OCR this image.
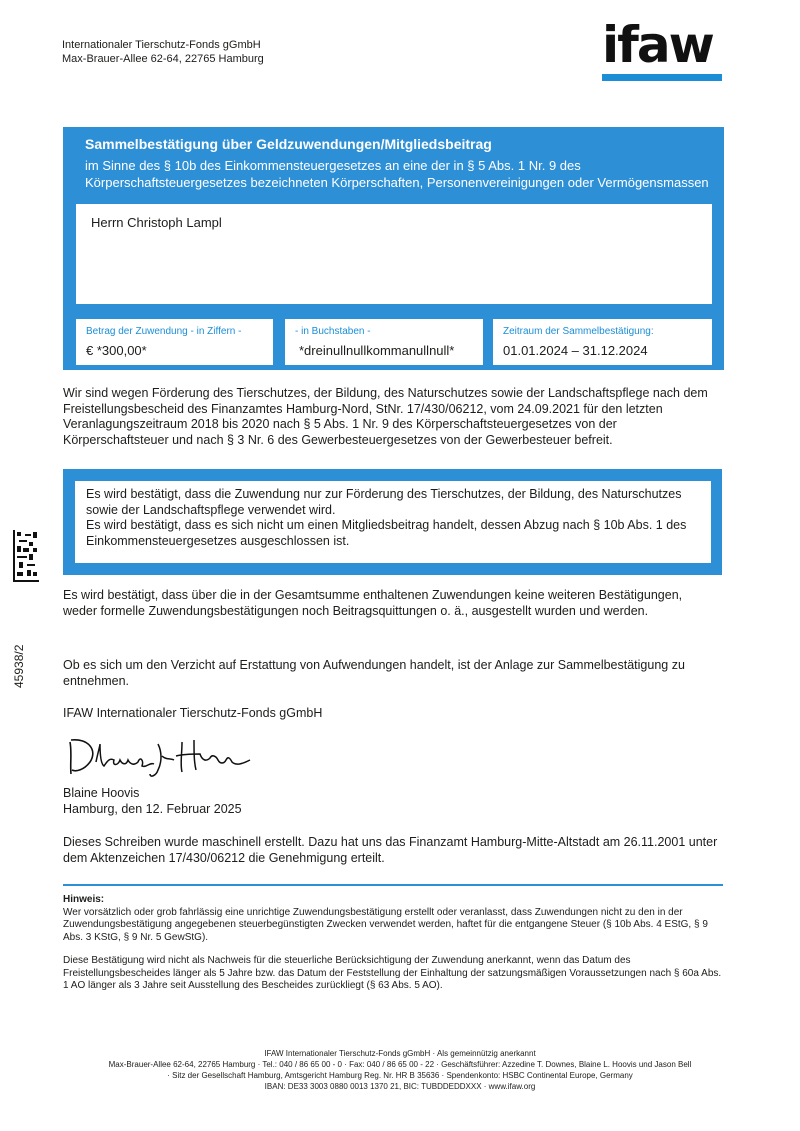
Internationaler Tierschutz-Fonds gGmbH
Max-Brauer-Allee 62-64, 22765 Hamburg	ifaw
Sammelbestätigung über Geldzuwendungen/Mitgliedsbeitrag
im Sinne des § 10b des Einkommensteuergesetzes an eine der in § 5 Abs. 1 Nr. 9 des Körperschaftsteuergesetzes bezeichneten Körperschaften, Personenvereinigungen oder Vermögensmassen
Herrn Christoph Lampl
Betrag der Zuwendung - in Ziffern -
€ *300,00*
- in Buchstaben -
*dreinullnullkommanullnull*
Zeitraum der Sammelbestätigung:
01.01.2024 – 31.12.2024
Wir sind wegen Förderung des Tierschutzes, der Bildung, des Naturschutzes sowie der Landschaftspflege nach dem Freistellungsbescheid des Finanzamtes Hamburg-Nord, StNr. 17/430/06212, vom 24.09.2021 für den letzten Veranlagungszeitraum 2018 bis 2020 nach § 5 Abs. 1 Nr. 9 des Körperschaftsteuergesetzes von der Körperschaftsteuer und nach § 3 Nr. 6 des Gewerbesteuergesetzes von der Gewerbesteuer befreit.

Es wird bestätigt, dass die Zuwendung nur zur Förderung des Tierschutzes, der Bildung, des Naturschutzes sowie der Landschaftspflege verwendet wird.

Es wird bestätigt, dass es sich nicht um einen Mitgliedsbeitrag handelt, dessen Abzug nach § 10b Abs. 1 des Einkommensteuergesetzes ausgeschlossen ist.

Es wird bestätigt, dass über die in der Gesamtsumme enthaltenen Zuwendungen keine weiteren Bestätigungen, weder formelle Zuwendungsbestätigungen noch Beitragsquittungen o. ä., ausgestellt wurden und werden.
Ob es sich um den Verzicht auf Erstattung von Aufwendungen handelt, ist der Anlage zur Sammelbestätigung zu entnehmen.
IFAW Internationaler Tierschutz-Fonds gGmbH
Blaine Hoovis
Hamburg, den 12. Februar 2025
Dieses Schreiben wurde maschinell erstellt. Dazu hat uns das Finanzamt Hamburg-Mitte-Altstadt am 26.11.2001 unter dem Aktenzeichen 17/430/06212 die Genehmigung erteilt.

Hinweis:

Wer vorsätzlich oder grob fahrlässig eine unrichtige Zuwendungsbestätigung erstellt oder veranlasst, dass Zuwendungen nicht zu den in der Zuwendungsbestätigung angegebenen steuerbegünstigten Zwecken verwendet werden, haftet für die entgangene Steuer (§ 10b Abs. 4 EStG, § 9 Abs. 3 KStG, § 9 Nr. 5 GewStG).

Diese Bestätigung wird nicht als Nachweis für die steuerliche Berücksichtigung der Zuwendung anerkannt, wenn das Datum des Freistellungsbescheides länger als 5 Jahre bzw. das Datum der Feststellung der Einhaltung der satzungsmäßigen Voraussetzungen nach § 60a Abs. 1 AO länger als 3 Jahre seit Ausstellung des Bescheides zurückliegt (§ 63 Abs. 5 AO).

IFAW Internationaler Tierschutz-Fonds gGmbH · Als gemeinnützig anerkannt
Max-Brauer-Allee 62-64, 22765 Hamburg · Tel.: 040 / 86 65 00 - 0 · Fax: 040 / 86 65 00 - 22 · Geschäftsführer: Azzedine T. Downes, Blaine L. Hoovis und Jason Bell
· Sitz der Gesellschaft Hamburg, Amtsgericht Hamburg Reg. Nr. HR B 35636 · Spendenkonto: HSBC Continental Europe, Germany
IBAN: DE33 3003 0880 0013 1370 21, BIC: TUBDDEDDXXX · www.ifaw.org
45938/2
